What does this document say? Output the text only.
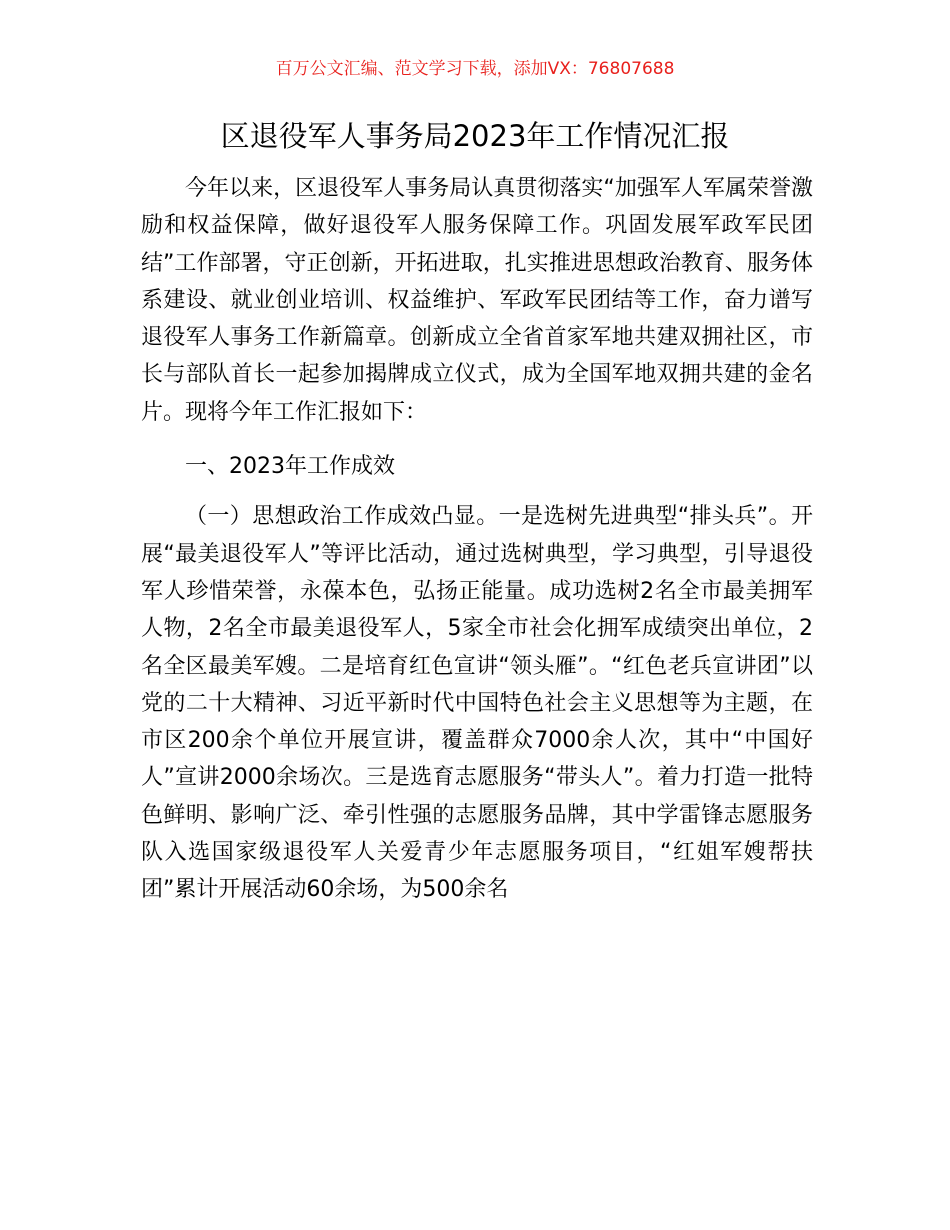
百万公文汇编、范文学习下载，添加VX：76807688
区退役军人事务局2023年工作情况汇报

今年以来，区退役军人事务局认真贯彻落实“加强军人军属荣誉激励和权益保障，做好退役军人服务保障工作。巩固发展军政军民团结”工作部署，守正创新，开拓进取，扎实推进思想政治教育、服务体系建设、就业创业培训、权益维护、军政军民团结等工作，奋力谱写退役军人事务工作新篇章。创新成立全省首家军地共建双拥社区，市长与部队首长一起参加揭牌成立仪式，成为全国军地双拥共建的金名片。现将今年工作汇报如下：

一、2023年工作成效

（一）思想政治工作成效凸显。一是选树先进典型“排头兵”。开展“最美退役军人”等评比活动，通过选树典型，学习典型，引导退役军人珍惜荣誉，永葆本色，弘扬正能量。成功选树2名全市最美拥军人物，2名全市最美退役军人，5家全市社会化拥军成绩突出单位，2名全区最美军嫂。二是培育红色宣讲“领头雁”。“红色老兵宣讲团”以党的二十大精神、习近平新时代中国特色社会主义思想等为主题，在市区200余个单位开展宣讲，覆盖群众7000余人次，其中“中国好人”宣讲2000余场次。三是选育志愿服务“带头人”。着力打造一批特色鲜明、影响广泛、牵引性强的志愿服务品牌，其中学雷锋志愿服务队入选国家级退役军人关爱青少年志愿服务项目，“红姐军嫂帮扶团”累计开展活动60余场，为500余名
